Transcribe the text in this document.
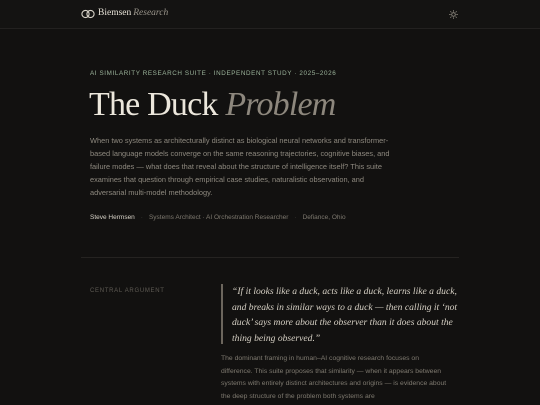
Biemsen Research
AI SIMILARITY RESEARCH SUITE · INDEPENDENT STUDY · 2025–2026
The Duck Problem

When two systems as architecturally distinct as biological neural networks and transformer-based language models converge on the same reasoning trajectories, cognitive biases, and failure modes — what does that reveal about the structure of intelligence itself? This suite examines that question through empirical case studies, naturalistic observation, and adversarial multi-model methodology.

Steve Hermsen · Systems Architect · AI Orchestration Researcher · Defiance, Ohio
CENTRAL ARGUMENT	“If it looks like a duck, acts like a duck, learns like a duck, and breaks in similar ways to a duck — then calling it ‘not duck’ says more about the observer than it does about the thing being observed.”

The dominant framing in human–AI cognitive research focuses on difference. This suite proposes that similarity — when it appears between systems with entirely distinct architectures and origins — is evidence about the deep structure of the problem both systems are
